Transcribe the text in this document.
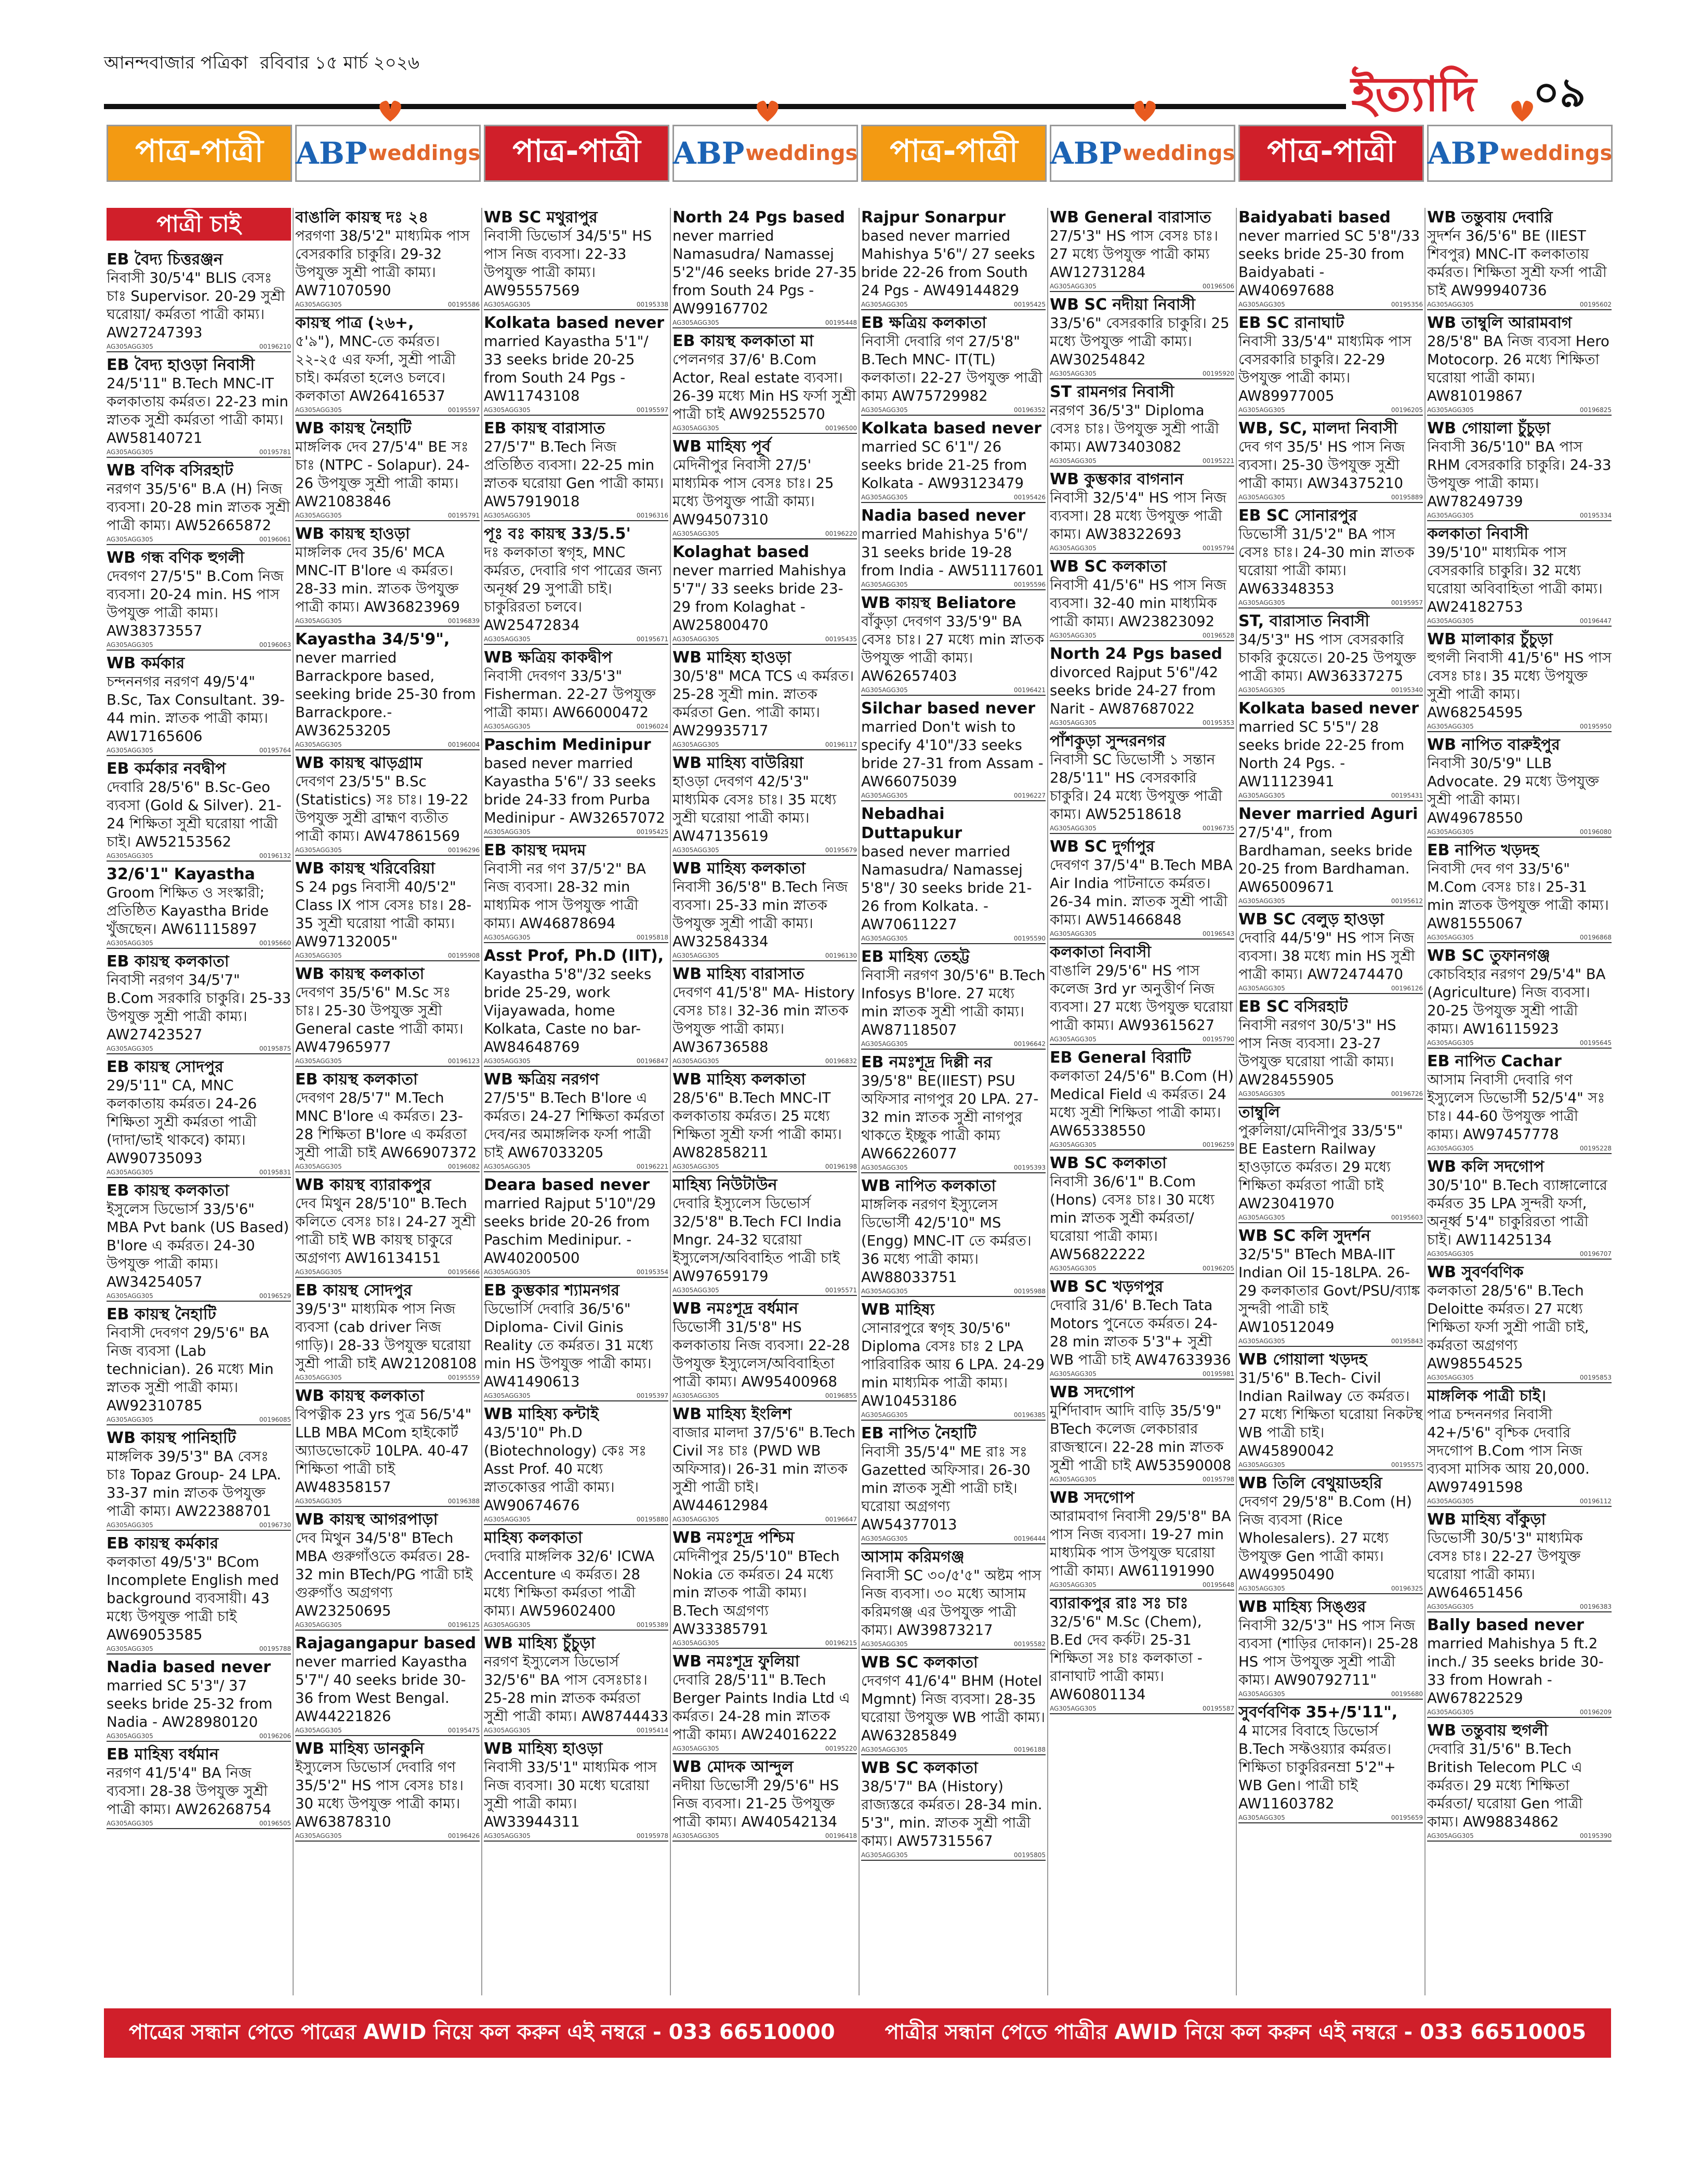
আনন্দবাজার পত্রিকা রবিবার ১৫ মার্চ ২০২৬
ইত্যাদি ০৯
পাত্র-পাত্রী ABP weddings পাত্র-পাত্রী ABP weddings পাত্র-পাত্রী ABP weddings পাত্র-পাত্রী ABP weddings
পাত্রী চাই
EB বৈদ্য চিত্তরঞ্জন

নিবাসী 30/5'4" BLIS বেসঃ চাঃ Supervisor. 20-29 সুশ্রী ঘরোয়া/ কর্মরতা পাত্রী কাম্য। AW27247393

AG305AGG305	00196210
EB বৈদ্য হাওড়া নিবাসী

24/5'11" B.Tech MNC-IT কলকাতায় কর্মরত। 22-23 min স্নাতক সুশ্রী কর্মরতা পাত্রী কাম্য। AW58140721

AG305AGG305	00195781
WB বণিক বসিরহাট

নরগণ 35/5'6" B.A (H) নিজ ব্যবসা। 20-28 min স্নাতক সুশ্রী পাত্রী কাম্য। AW52665872

AG305AGG305	00196061
WB গন্ধ বণিক হুগলী

দেবগণ 27/5'5" B.Com নিজ ব্যবসা। 20-24 min. HS পাস উপযুক্ত পাত্রী কাম্য। AW38373557

AG305AGG305	00196063
WB কর্মকার

চন্দননগর নরগণ 49/5'4" B.Sc, Tax Consultant. 39-44 min. স্নাতক পাত্রী কাম্য। AW17165606

AG305AGG305	00195764
EB কর্মকার নবদ্বীপ

দেবারি 28/5'6" B.Sc-Geo ব্যবসা (Gold & Silver). 21-24 শিক্ষিতা সুশ্রী ঘরোয়া পাত্রী চাই। AW52153562

AG305AGG305	00196132
32/6'1" Kayastha

Groom শিক্ষিত ও সংস্কারী; প্রতিষ্ঠিত Kayastha Bride খুঁজছেন। AW61115897

AG305AGG305	00195660
EB কায়স্থ কলকাতা

নিবাসী নরগণ 34/5'7" B.Com সরকারি চাকুরি। 25-33 উপযুক্ত সুশ্রী পাত্রী কাম্য। AW27423527

AG305AGG305	00195875
EB কায়স্থ সোদপুর

29/5'11" CA, MNC কলকাতায় কর্মরত। 24-26 শিক্ষিতা সুশ্রী কর্মরতা পাত্রী (দাদা/ভাই থাকবে) কাম্য। AW90735093

AG305AGG305	00195831
EB কায়স্থ কলকাতা

ইসুলেস ডিভোর্স 33/5'6" MBA Pvt bank (US Based) B'lore এ কর্মরত। 24-30 উপযুক্ত পাত্রী কাম্য। AW34254057

AG305AGG305	00196529
EB কায়স্থ নৈহাটি

নিবাসী দেবগণ 29/5'6" BA নিজ ব্যবসা (Lab technician). 26 মধ্যে Min স্নাতক সুশ্রী পাত্রী কাম্য। AW92310785

AG305AGG305	00196085
WB কায়স্থ পানিহাটি

মাঙ্গলিক 39/5'3" BA বেসঃ চাঃ Topaz Group- 24 LPA. 33-37 min স্নাতক উপযুক্ত পাত্রী কাম্য। AW22388701

AG305AGG305	00196730
EB কায়স্থ কর্মকার

কলকাতা 49/5'3" BCom Incomplete English med background ব্যবসায়ী। 43 মধ্যে উপযুক্ত পাত্রী চাই AW69053585

AG305AGG305	00195788
Nadia based never

married SC 5'3"/ 37 seeks bride 25-32 from Nadia - AW28980120

AG305AGG305	00196206
EB মাহিষ্য বর্ধমান

নরগণ 41/5'4" BA নিজ ব্যবসা। 28-38 উপযুক্ত সুশ্রী পাত্রী কাম্য। AW26268754

AG305AGG305	00196505
বাঙালি কায়স্থ দঃ ২৪

পরগণা 38/5'2" মাধ্যমিক পাস বেসরকারি চাকুরি। 29-32 উপযুক্ত সুশ্রী পাত্রী কাম্য। AW71070590

AG305AGG305	00195586
কায়স্থ পাত্র (২৬+,

৫'৯"), MNC-তে কর্মরত। ২২-২৫ এর ফর্সা, সুশ্রী পাত্রী চাই। কর্মরতা হলেও চলবে। কলকাতা AW26416537

AG305AGG305	00195597
WB কায়স্থ নৈহাটি

মাঙ্গলিক দেব 27/5'4" BE সঃ চাঃ (NTPC - Solapur). 24-26 উপযুক্ত সুশ্রী পাত্রী কাম্য। AW21083846

AG305AGG305	00195791
WB কায়স্থ হাওড়া

মাঙ্গলিক দেব 35/6' MCA MNC-IT B'lore এ কর্মরত। 28-33 min. স্নাতক উপযুক্ত পাত্রী কাম্য। AW36823969

AG305AGG305	00196839
Kayastha 34/5'9",

never married Barrackpore based, seeking bride 25-30 from Barrackpore.- AW36253205

AG305AGG305	00196004
WB কায়স্থ ঝাড়গ্রাম

দেবগণ 23/5'5" B.Sc (Statistics) সঃ চাঃ। 19-22 উপযুক্ত সুশ্রী ব্রাহ্মণ ব্যতীত পাত্রী কাম্য। AW47861569

AG305AGG305	00196296
WB কায়স্থ খরিবেরিয়া

S 24 pgs নিবাসী 40/5'2" Class IX পাস বেসঃ চাঃ। 28-35 সুশ্রী ঘরোয়া পাত্রী কাম্য। AW97132005"

AG305AGG305	00195908
WB কায়স্থ কলকাতা

দেবগণ 35/5'6" M.Sc সঃ চাঃ। 25-30 উপযুক্ত সুশ্রী General caste পাত্রী কাম্য। AW47965977

AG305AGG305	00196123
EB কায়স্থ কলকাতা

দেবগণ 28/5'7" M.Tech MNC B'lore এ কর্মরত। 23-28 শিক্ষিতা B'lore এ কর্মরতা সুশ্রী পাত্রী চাই AW66907372

AG305AGG305	00196082
WB কায়স্থ ব্যারাকপুর

দেব মিথুন 28/5'10" B.Tech কলিতে বেসঃ চাঃ। 24-27 সুশ্রী পাত্রী চাই WB কায়স্থ চাকুরে অগ্রগণ্য AW16134151

AG305AGG305	00195666
EB কায়স্থ সোদপুর

39/5'3" মাধ্যমিক পাস নিজ ব্যবসা (cab driver নিজ গাড়ি)। 28-33 উপযুক্ত ঘরোয়া সুশ্রী পাত্রী চাই AW21208108

AG305AGG305	00195559
WB কায়স্থ কলকাতা

বিপত্নীক 23 yrs পুত্র 56/5'4" LLB MBA MCom হাইকোর্ট অ্যাডভোকেট 10LPA. 40-47 শিক্ষিতা পাত্রী চাই AW48358157

AG305AGG305	00196388
WB কায়স্থ আগরপাড়া

দেব মিথুন 34/5'8" BTech MBA গুরুগাঁওতে কর্মরত। 28-32 min BTech/PG পাত্রী চাই গুরুগাঁও অগ্রগণ্য AW23250695

AG305AGG305	00196125
Rajagangapur based

never married Kayastha 5'7"/ 40 seeks bride 30-36 from West Bengal. AW44221826

AG305AGG305	00195475
WB মাহিষ্য ডানকুনি

ইস্যুলেস ডিভোর্স দেবারি গণ 35/5'2" HS পাস বেসঃ চাঃ। 30 মধ্যে উপযুক্ত পাত্রী কাম্য। AW63878310

AG305AGG305	00196426
WB SC মথুরাপুর

নিবাসী ডিভোর্স 34/5'5" HS পাস নিজ ব্যবসা। 22-33 উপযুক্ত পাত্রী কাম্য। AW95557569

AG305AGG305	00195338
Kolkata based never

married Kayastha 5'1"/ 33 seeks bride 20-25 from South 24 Pgs - AW11743108

AG305AGG305	00195597
EB কায়স্থ বারাসাত

27/5'7" B.Tech নিজ প্রতিষ্ঠিত ব্যবসা। 22-25 min স্নাতক ঘরোয়া Gen পাত্রী কাম্য। AW57919018

AG305AGG305	00196316
পূঃ বঃ কায়স্থ 33/5.5'

দঃ কলকাতা স্বগৃহ, MNC কর্মরত, দেবারি গণ পাত্রের জন্য অনূর্ধ্ব 29 সুপাত্রী চাই। চাকুরিরতা চলবে। AW25472834

AG305AGG305	00195671
WB ক্ষত্রিয় কাকদ্বীপ

নিবাসী দেবগণ 33/5'3" Fisherman. 22-27 উপযুক্ত পাত্রী কাম্য। AW66000472

AG305AGG305	00196024
Paschim Medinipur

based never married Kayastha 5'6"/ 33 seeks bride 24-33 from Purba Medinipur - AW32657072

AG305AGG305	00195425
EB কায়স্থ দমদম

নিবাসী নর গণ 37/5'2" BA নিজ ব্যবসা। 28-32 min মাধ্যমিক পাস উপযুক্ত পাত্রী কাম্য। AW46878694

AG305AGG305	00195818
Asst Prof, Ph.D (IIT),

Kayastha 5'8"/32 seeks bride 25-29, work Vijayawada, home Kolkata, Caste no bar- AW84648769

AG305AGG305	00196847
WB ক্ষত্রিয় নরগণ

27/5'5" B.Tech B'lore এ কর্মরত। 24-27 শিক্ষিতা কর্মরতা দেব/নর অমাঙ্গলিক ফর্সা পাত্রী চাই AW67033205

AG305AGG305	00196221
Deara based never

married Rajput 5'10"/29 seeks bride 20-26 from Paschim Medinipur. - AW40200500

AG305AGG305	00195354
EB কুম্ভকার শ্যামনগর

ডিভোর্সি দেবারি 36/5'6" Diploma- Civil Ginis Reality তে কর্মরত। 31 মধ্যে min HS উপযুক্ত পাত্রী কাম্য। AW41490613

AG305AGG305	00195397
WB মাহিষ্য কন্টাই

43/5'10" Ph.D (Biotechnology) কেঃ সঃ Asst Prof. 40 মধ্যে স্নাতকোত্তর পাত্রী কাম্য। AW90674676

AG305AGG305	00195880
মাহিষ্য কলকাতা

দেবারি মাঙ্গলিক 32/6' ICWA Accenture এ কর্মরত। 28 মধ্যে শিক্ষিতা কর্মরতা পাত্রী কাম্য। AW59602400

AG305AGG305	00195389
WB মাহিষ্য চুঁচুড়া

নরগণ ইস্যুলেস ডিভোর্স 32/5'6" BA পাস বেসঃচাঃ। 25-28 min স্নাতক কর্মরতা সুশ্রী পাত্রী কাম্য। AW8744433

AG305AGG305	00195414
WB মাহিষ্য হাওড়া

নিবাসী 33/5'1" মাধ্যমিক পাস নিজ ব্যবসা। 30 মধ্যে ঘরোয়া সুশ্রী পাত্রী কাম্য। AW33944311

AG305AGG305	00195978
North 24 Pgs based

never married Namasudra/ Namassej 5'2"/46 seeks bride 27-35 from South 24 Pgs - AW99167702

AG305AGG305	00195448
EB কায়স্থ কলকাতা মা

পেলনগর 37/6' B.Com Actor, Real estate ব্যবসা। 26-39 মধ্যে Min HS ফর্সা সুশ্রী পাত্রী চাই AW92552570

AG305AGG305	00196500
WB মাহিষ্য পূর্ব

মেদিনীপুর নিবাসী 27/5' মাধ্যমিক পাস বেসঃ চাঃ। 25 মধ্যে উপযুক্ত পাত্রী কাম্য। AW94507310

AG305AGG305	00196220
Kolaghat based

never married Mahishya 5'7"/ 33 seeks bride 23-29 from Kolaghat - AW25800470

AG305AGG305	00195435
WB মাহিষ্য হাওড়া

30/5'8" MCA TCS এ কর্মরত। 25-28 সুশ্রী min. স্নাতক কর্মরতা Gen. পাত্রী কাম্য। AW29935717

AG305AGG305	00196117
WB মাহিষ্য বাউরিয়া

হাওড়া দেবগণ 42/5'3" মাধ্যমিক বেসঃ চাঃ। 35 মধ্যে সুশ্রী ঘরোয়া পাত্রী কাম্য। AW47135619

AG305AGG305	00195679
WB মাহিষ্য কলকাতা

নিবাসী 36/5'8" B.Tech নিজ ব্যবসা। 25-33 min স্নাতক উপযুক্ত সুশ্রী পাত্রী কাম্য। AW32584334

AG305AGG305	00196130
WB মাহিষ্য বারাসাত

দেবগণ 41/5'8" MA- History বেসঃ চাঃ। 32-36 min স্নাতক উপযুক্ত পাত্রী কাম্য। AW36736588

AG305AGG305	00196832
WB মাহিষ্য কলকাতা

28/5'6" B.Tech MNC-IT কলকাতায় কর্মরত। 25 মধ্যে শিক্ষিতা সুশ্রী ফর্সা পাত্রী কাম্য। AW82858211

AG305AGG305	00196198
মাহিষ্য নিউটাউন

দেবারি ইস্যুলেস ডিভোর্স 32/5'8" B.Tech FCI India Mngr. 24-32 ঘরোয়া ইস্যুলেস/অবিবাহিত পাত্রী চাই AW97659179

AG305AGG305	00195571
WB নমঃশূদ্র বর্ধমান

ডিভোর্সী 31/5'8" HS কলকাতায় নিজ ব্যবসা। 22-28 উপযুক্ত ইস্যুলেস/অবিবাহিতা পাত্রী কাম্য। AW95400968

AG305AGG305	00196855
WB মাহিষ্য ইংলিশ

বাজার মালদা 37/5'6" B.Tech Civil সঃ চাঃ (PWD WB অফিসার)। 26-31 min স্নাতক সুশ্রী পাত্রী চাই। AW44612984

AG305AGG305	00196647
WB নমঃশূদ্র পশ্চিম

মেদিনীপুর 25/5'10" BTech Nokia তে কর্মরত। 24 মধ্যে min স্নাতক পাত্রী কাম্য। B.Tech অগ্রগণ্য AW33385791

AG305AGG305	00196215
WB নমঃশূদ্র ফুলিয়া

দেবারি 28/5'11" B.Tech Berger Paints India Ltd এ কর্মরত। 24-28 min স্নাতক পাত্রী কাম্য। AW24016222

AG305AGG305	00195220
WB মোদক আন্দুল

নদীয়া ডিভোর্সী 29/5'6" HS নিজ ব্যবসা। 21-25 উপযুক্ত পাত্রী কাম্য। AW40542134

AG305AGG305	00196418
Rajpur Sonarpur

based never married Mahishya 5'6"/ 27 seeks bride 22-26 from South 24 Pgs - AW49144829

AG305AGG305	00195425
EB ক্ষত্রিয় কলকাতা

নিবাসী দেবারি গণ 27/5'8" B.Tech MNC- IT(TL) কলকাতা। 22-27 উপযুক্ত পাত্রী কাম্য AW75729982

AG305AGG305	00196352
Kolkata based never

married SC 6'1"/ 26 seeks bride 21-25 from Kolkata - AW93123479

AG305AGG305	00195426
Nadia based never

married Mahishya 5'6"/ 31 seeks bride 19-28 from India - AW51117601

AG305AGG305	00195596
WB কায়স্থ Beliatore

বাঁকুড়া দেবগণ 33/5'9" BA বেসঃ চাঃ। 27 মধ্যে min স্নাতক উপযুক্ত পাত্রী কাম্য। AW62657403

AG305AGG305	00196421
Silchar based never

married Don't wish to specify 4'10"/33 seeks bride 27-31 from Assam - AW66075039

AG305AGG305	00196227
Nebadhai Duttapukur

based never married Namasudra/ Namassej 5'8"/ 30 seeks bride 21-26 from Kolkata. - AW70611227

AG305AGG305	00195590
EB মাহিষ্য তেহট্ট

নিবাসী নরগণ 30/5'6" B.Tech Infosys B'lore. 27 মধ্যে min স্নাতক সুশ্রী পাত্রী কাম্য। AW87118507

AG305AGG305	00196642
EB নমঃশূদ্র দিল্লী নর

39/5'8" BE(IIEST) PSU অফিসার নাগপুর 20 LPA. 27-32 min স্নাতক সুশ্রী নাগপুর থাকতে ইচ্ছুক পাত্রী কাম্য AW66226077

AG305AGG305	00195393
WB নাপিত কলকাতা

মাঙ্গলিক নরগণ ইস্যুলেস ডিভোর্সী 42/5'10" MS (Engg) MNC-IT তে কর্মরত। 36 মধ্যে পাত্রী কাম্য। AW88033751

AG305AGG305	00195988
WB মাহিষ্য

সোনারপুরে স্বগৃহ 30/5'6" Diploma বেসঃ চাঃ 2 LPA পারিবারিক আয় 6 LPA. 24-29 min মাধ্যমিক পাত্রী কাম্য। AW10453186

AG305AGG305	00196385
EB নাপিত নৈহাটি

নিবাসী 35/5'4" ME রাঃ সঃ Gazetted অফিসার। 26-30 min স্নাতক সুশ্রী পাত্রী চাই। ঘরোয়া অগ্রগণ্য AW54377013

AG305AGG305	00196444
আসাম করিমগঞ্জ

নিবাসী SC ৩০/৫'৫" অষ্টম পাস নিজ ব্যবসা। ৩০ মধ্যে আসাম করিমগঞ্জ এর উপযুক্ত পাত্রী কাম্য। AW39873217

AG305AGG305	00195582
WB SC কলকাতা

দেবগণ 41/6'4" BHM (Hotel Mgmnt) নিজ ব্যবসা। 28-35 ঘরোয়া উপযুক্ত WB পাত্রী কাম্য। AW63285849

AG305AGG305	00196188
WB SC কলকাতা

38/5'7" BA (History) রাজ্যস্তরে কর্মরত। 28-34 min. 5'3", min. স্নাতক সুশ্রী পাত্রী কাম্য। AW57315567

AG305AGG305	00195805
WB General বারাসাত

27/5'3" HS পাস বেসঃ চাঃ। 27 মধ্যে উপযুক্ত পাত্রী কাম্য AW12731284

AG305AGG305	00196506
WB SC নদীয়া নিবাসী

33/5'6" বেসরকারি চাকুরি। 25 মধ্যে উপযুক্ত পাত্রী কাম্য। AW30254842

AG305AGG305	00195920
ST রামনগর নিবাসী

নরগণ 36/5'3" Diploma বেসঃ চাঃ। উপযুক্ত সুশ্রী পাত্রী কাম্য। AW73403082

AG305AGG305	00195221
WB কুম্ভকার বাগনান

নিবাসী 32/5'4" HS পাস নিজ ব্যবসা। 28 মধ্যে উপযুক্ত পাত্রী কাম্য। AW38322693

AG305AGG305	00195794
WB SC কলকাতা

নিবাসী 41/5'6" HS পাস নিজ ব্যবসা। 32-40 min মাধ্যমিক পাত্রী কাম্য। AW23823092

AG305AGG305	00196528
North 24 Pgs based

divorced Rajput 5'6"/42 seeks bride 24-27 from Narit - AW87687022

AG305AGG305	00195353
পাঁশকুড়া সুন্দরনগর

নিবাসী SC ডিভোর্সী ১ সন্তান 28/5'11" HS বেসরকারি চাকুরি। 24 মধ্যে উপযুক্ত পাত্রী কাম্য। AW52518618

AG305AGG305	00196735
WB SC দুর্গাপুর

দেবগণ 37/5'4" B.Tech MBA Air India পাটনাতে কর্মরত। 26-34 min. স্নাতক সুশ্রী পাত্রী কাম্য। AW51466848

AG305AGG305	00196543
কলকাতা নিবাসী

বাঙালি 29/5'6" HS পাস কলেজ 3rd yr অনুত্তীর্ণ নিজ ব্যবসা। 27 মধ্যে উপযুক্ত ঘরোয়া পাত্রী কাম্য। AW93615627

AG305AGG305	00195790
EB General বিরাটি

কলকাতা 24/5'6" B.Com (H) Medical Field এ কর্মরত। 24 মধ্যে সুশ্রী শিক্ষিতা পাত্রী কাম্য। AW65338550

AG305AGG305	00196259
WB SC কলকাতা

নিবাসী 36/6'1" B.Com (Hons) বেসঃ চাঃ। 30 মধ্যে min স্নাতক সুশ্রী কর্মরতা/ ঘরোয়া পাত্রী কাম্য। AW56822222

AG305AGG305	00196205
WB SC খড়গপুর

দেবারি 31/6' B.Tech Tata Motors পুনেতে কর্মরত। 24-28 min স্নাতক 5'3"+ সুশ্রী WB পাত্রী চাই AW47633936

AG305AGG305	00195981
WB সদগোপ

মুর্শিদাবাদ আদি বাড়ি 35/5'9" BTech কলেজ লেকচারার রাজস্থানে। 22-28 min স্নাতক সুশ্রী পাত্রী চাই AW53590008

AG305AGG305	00195798
WB সদগোপ

আরামবাগ নিবাসী 29/5'8" BA পাস নিজ ব্যবসা। 19-27 min মাধ্যমিক পাস উপযুক্ত ঘরোয়া পাত্রী কাম্য। AW61191990

AG305AGG305	00195648
ব্যারাকপুর রাঃ সঃ চাঃ

32/5'6" M.Sc (Chem), B.Ed দেব কর্কট। 25-31 শিক্ষিতা সঃ চাঃ কলকাতা - রানাঘাট পাত্রী কাম্য। AW60801134

AG305AGG305	00195587
Baidyabati based

never married SC 5'8"/33 seeks bride 25-30 from Baidyabati - AW40697688

AG305AGG305	00195356
EB SC রানাঘাট

নিবাসী 33/5'4" মাধ্যমিক পাস বেসরকারি চাকুরি। 22-29 উপযুক্ত পাত্রী কাম্য। AW89977005

AG305AGG305	00196205
WB, SC, মালদা নিবাসী

দেব গণ 35/5' HS পাস নিজ ব্যবসা। 25-30 উপযুক্ত সুশ্রী পাত্রী কাম্য। AW34375210

AG305AGG305	00195889
EB SC সোনারপুর

ডিভোর্সী 31/5'2" BA পাস বেসঃ চাঃ। 24-30 min স্নাতক ঘরোয়া পাত্রী কাম্য। AW63348353

AG305AGG305	00195957
ST, বারাসাত নিবাসী

34/5'3" HS পাস বেসরকারি চাকরি কুয়েতে। 20-25 উপযুক্ত পাত্রী কাম্য। AW36337275

AG305AGG305	00195340
Kolkata based never

married SC 5'5"/ 28 seeks bride 22-25 from North 24 Pgs. - AW11123941

AG305AGG305	00195431
Never married Aguri

27/5'4", from Bardhaman, seeks bride 20-25 from Bardhaman. AW65009671

AG305AGG305	00195612
WB SC বেলুড় হাওড়া

দেবারি 44/5'9" HS পাস নিজ ব্যবসা। 38 মধ্যে min HS সুশ্রী পাত্রী কাম্য। AW72474470

AG305AGG305	00196126
EB SC বসিরহাট

নিবাসী নরগণ 30/5'3" HS পাস নিজ ব্যবসা। 23-27 উপযুক্ত ঘরোয়া পাত্রী কাম্য। AW28455905

AG305AGG305	00196726
তাম্বুলি

পুরুলিয়া/মেদিনীপুর 33/5'5" BE Eastern Railway হাওড়াতে কর্মরত। 29 মধ্যে শিক্ষিতা কর্মরতা পাত্রী চাই AW23041970

AG305AGG305	00195603
WB SC কলি সুদর্শন

32/5'5" BTech MBA-IIT Indian Oil 15-18LPA. 26-29 কলকাতার Govt/PSU/ব্যাঙ্ক সুন্দরী পাত্রী চাই AW10512049

AG305AGG305	00195843
WB গোয়ালা খড়দহ

31/5'6" B.Tech- Civil Indian Railway তে কর্মরত। 27 মধ্যে শিক্ষিতা ঘরোয়া নিকটস্থ WB পাত্রী চাই। AW45890042

AG305AGG305	00195575
WB তিলি বেথুয়াডহরি

দেবগণ 29/5'8" B.Com (H) নিজ ব্যবসা (Rice Wholesalers). 27 মধ্যে উপযুক্ত Gen পাত্রী কাম্য। AW49950490

AG305AGG305	00196325
WB মাহিষ্য সিঙ্গুর

নিবাসী 32/5'3" HS পাস নিজ ব্যবসা (শাড়ির দোকান)। 25-28 HS পাস উপযুক্ত সুশ্রী পাত্রী কাম্য। AW90792711"

AG305AGG305	00195680
সুবর্ণবণিক 35+/5'11",

4 মাসের বিবাহে ডিভোর্স B.Tech সফ্টওয়্যার কর্মরত। শিক্ষিতা চাকুরিরনম্রা 5'2"+ WB Gen। পাত্রী চাই AW11603782

AG305AGG305	00195659
WB তন্তুবায় দেবারি

সুদর্শন 36/5'6" BE (IIEST শিবপুর) MNC-IT কলকাতায় কর্মরত। শিক্ষিতা সুশ্রী ফর্সা পাত্রী চাই AW99940736

AG305AGG305	00195602
WB তাম্বুলি আরামবাগ

28/5'8" BA নিজ ব্যবসা Hero Motocorp. 26 মধ্যে শিক্ষিতা ঘরোয়া পাত্রী কাম্য। AW81019867

AG305AGG305	00196825
WB গোয়ালা চুঁচুড়া

নিবাসী 36/5'10" BA পাস RHM বেসরকারি চাকুরি। 24-33 উপযুক্ত পাত্রী কাম্য। AW78249739

AG305AGG305	00195334
কলকাতা নিবাসী

39/5'10" মাধ্যমিক পাস বেসরকারি চাকুরি। 32 মধ্যে ঘরোয়া অবিবাহিতা পাত্রী কাম্য। AW24182753

AG305AGG305	00196447
WB মালাকার চুঁচুড়া

হুগলী নিবাসী 41/5'6" HS পাস বেসঃ চাঃ। 35 মধ্যে উপযুক্ত সুশ্রী পাত্রী কাম্য। AW68254595

AG305AGG305	00195950
WB নাপিত বারুইপুর

নিবাসী 30/5'9" LLB Advocate. 29 মধ্যে উপযুক্ত সুশ্রী পাত্রী কাম্য। AW49678550

AG305AGG305	00196080
EB নাপিত খড়দহ

নিবাসী দেব গণ 33/5'6" M.Com বেসঃ চাঃ। 25-31 min স্নাতক উপযুক্ত পাত্রী কাম্য। AW81555067

AG305AGG305	00196868
WB SC তুফানগঞ্জ

কোচবিহার নরগণ 29/5'4" BA (Agriculture) নিজ ব্যবসা। 20-25 উপযুক্ত সুশ্রী পাত্রী কাম্য। AW16115923

AG305AGG305	00195645
EB নাপিত Cachar

আসাম নিবাসী দেবারি গণ ইস্যুলেস ডিভোর্সী 52/5'4" সঃ চাঃ। 44-60 উপযুক্ত পাত্রী কাম্য। AW97457778

AG305AGG305	00195228
WB কলি সদগোপ

30/5'10" B.Tech ব্যাঙ্গালোরে কর্মরত 35 LPA সুন্দরী ফর্সা, অনূর্ধ্ব 5'4" চাকুরিরতা পাত্রী চাই। AW11425134

AG305AGG305	00196707
WB সুবর্ণবণিক

কলকাতা 28/5'6" B.Tech Deloitte কর্মরত। 27 মধ্যে শিক্ষিতা ফর্সা সুশ্রী পাত্রী চাই, কর্মরতা অগ্রগণ্য AW98554525

AG305AGG305	00195853
মাঙ্গলিক পাত্রী চাই।

পাত্র চন্দননগর নিবাসী 42+/5'6" বৃশ্চিক দেবারি সদগোপ B.Com পাস নিজ ব্যবসা মাসিক আয় 20,000. AW97491598

AG305AGG305	00196112
WB মাহিষ্য বাঁকুড়া

ডিভোর্সী 30/5'3" মাধ্যমিক বেসঃ চাঃ। 22-27 উপযুক্ত ঘরোয়া পাত্রী কাম্য। AW64651456

AG305AGG305	00196383
Bally based never

married Mahishya 5 ft.2 inch./ 35 seeks bride 30-33 from Howrah - AW67822529

AG305AGG305	00196209
WB তন্তুবায় হুগলী

দেবারি 31/5'6" B.Tech British Telecom PLC এ কর্মরত। 29 মধ্যে শিক্ষিতা কর্মরতা/ ঘরোয়া Gen পাত্রী কাম্য। AW98834862

AG305AGG305	00195390
পাত্রের সন্ধান পেতে পাত্রের AWID নিয়ে কল করুন এই নম্বরে - 033 66510000 পাত্রীর সন্ধান পেতে পাত্রীর AWID নিয়ে কল করুন এই নম্বরে - 033 66510005
